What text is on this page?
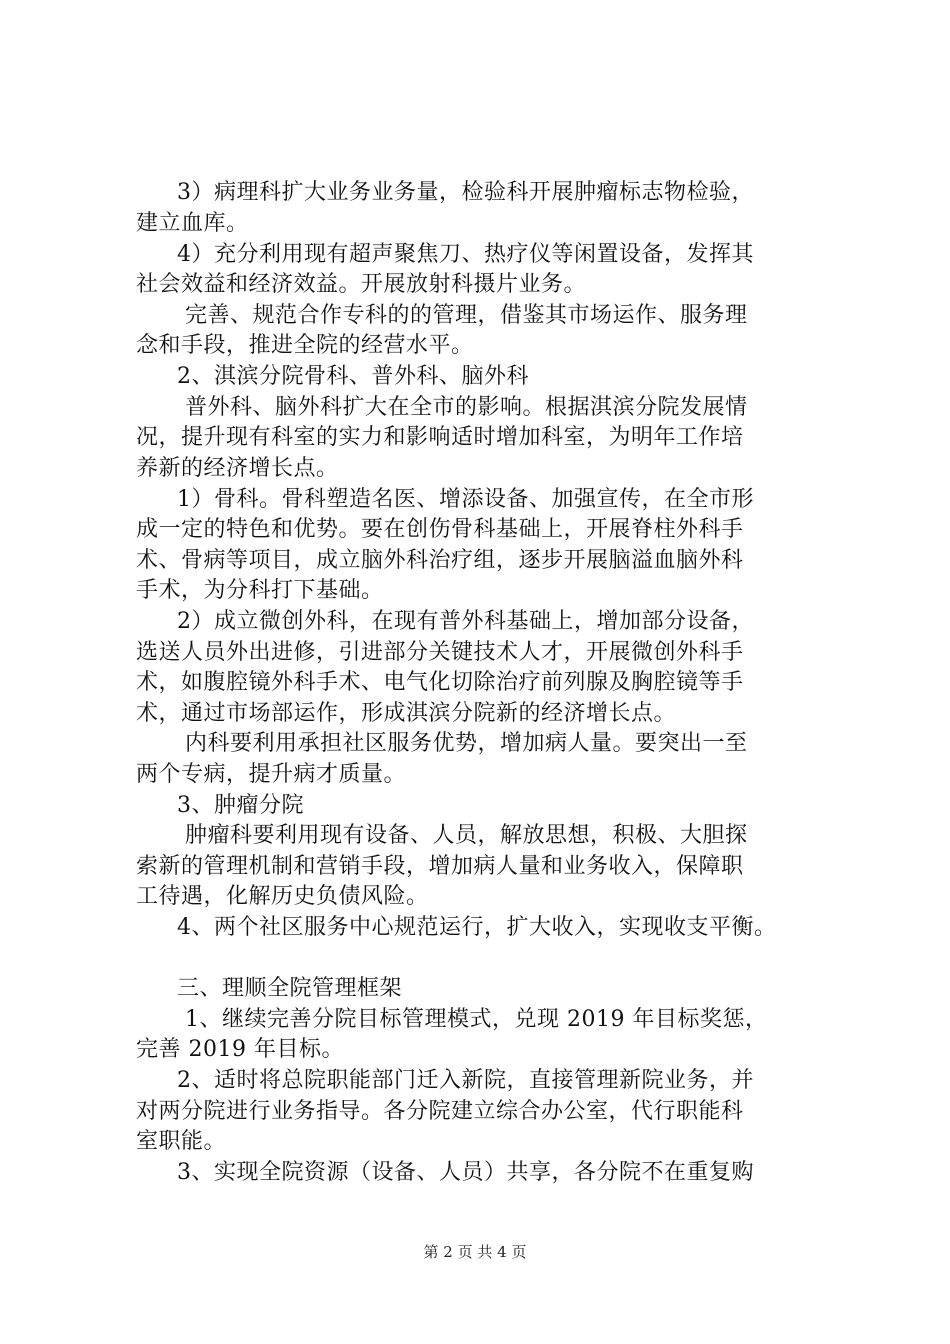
3）病理科扩大业务业务量，检验科开展肿瘤标志物检验，
建立血库。
4）充分利用现有超声聚焦刀、热疗仪等闲置设备，发挥其
社会效益和经济效益。开展放射科摄片业务。
完善、规范合作专科的的管理，借鉴其市场运作、服务理
念和手段，推进全院的经营水平。
2、淇滨分院骨科、普外科、脑外科
普外科、脑外科扩大在全市的影响。根据淇滨分院发展情
况，提升现有科室的实力和影响适时增加科室，为明年工作培
养新的经济增长点。
1）骨科。骨科塑造名医、增添设备、加强宣传，在全市形
成一定的特色和优势。要在创伤骨科基础上，开展脊柱外科手
术、骨病等项目，成立脑外科治疗组，逐步开展脑溢血脑外科
手术，为分科打下基础。
2）成立微创外科，在现有普外科基础上，增加部分设备，
选送人员外出进修，引进部分关键技术人才，开展微创外科手
术，如腹腔镜外科手术、电气化切除治疗前列腺及胸腔镜等手
术，通过市场部运作，形成淇滨分院新的经济增长点。
内科要利用承担社区服务优势，增加病人量。要突出一至
两个专病，提升病才质量。
3、肿瘤分院
肿瘤科要利用现有设备、人员，解放思想，积极、大胆探
索新的管理机制和营销手段，增加病人量和业务收入，保障职
工待遇，化解历史负债风险。
4、两个社区服务中心规范运行，扩大收入，实现收支平衡。
三、理顺全院管理框架
1、继续完善分院目标管理模式，兑现 2019 年目标奖惩，
完善 2019 年目标。
2、适时将总院职能部门迁入新院，直接管理新院业务，并
对两分院进行业务指导。各分院建立综合办公室，代行职能科
室职能。
3、实现全院资源（设备、人员）共享，各分院不在重复购
第 2 页 共 4 页
